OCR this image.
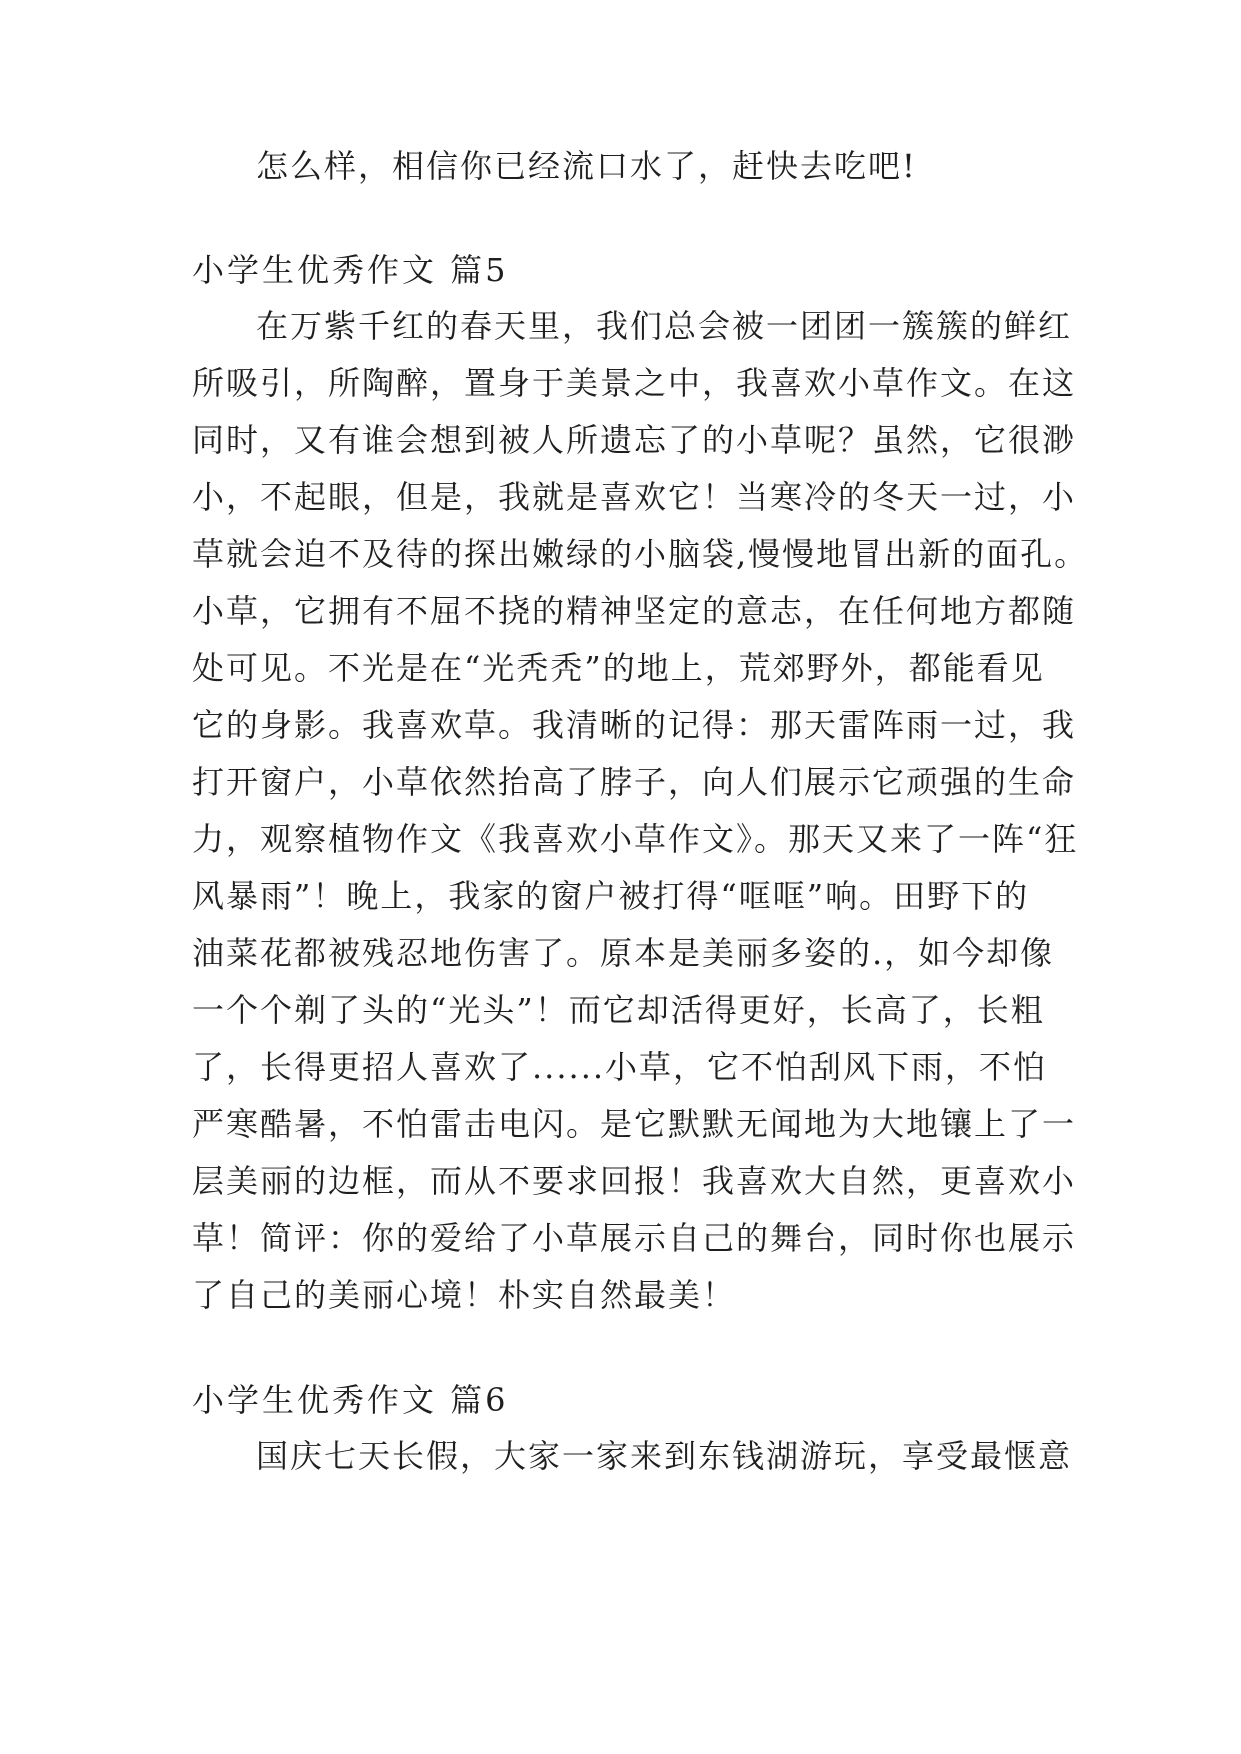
怎么样，相信你已经流口水了，赶快去吃吧!
小学生优秀作文 篇5
在万紫千红的春天里，我们总会被一团团一簇簇的鲜红
所吸引，所陶醉，置身于美景之中，我喜欢小草作文。在这
同时，又有谁会想到被人所遗忘了的小草呢？虽然，它很渺
小，不起眼，但是，我就是喜欢它！当寒冷的冬天一过，小
草就会迫不及待的探出嫩绿的小脑袋,慢慢地冒出新的面孔。
小草，它拥有不屈不挠的精神坚定的意志，在任何地方都随
处可见。不光是在“光秃秃”的地上，荒郊野外，都能看见
它的身影。我喜欢草。我清晰的记得：那天雷阵雨一过，我
打开窗户，小草依然抬高了脖子，向人们展示它顽强的生命
力，观察植物作文《我喜欢小草作文》。那天又来了一阵“狂
风暴雨”！晚上，我家的窗户被打得“哐哐”响。田野下的
油菜花都被残忍地伤害了。原本是美丽多姿的.，如今却像
一个个剃了头的“光头”！而它却活得更好，长高了，长粗
了，长得更招人喜欢了......小草，它不怕刮风下雨，不怕
严寒酷暑，不怕雷击电闪。是它默默无闻地为大地镶上了一
层美丽的边框，而从不要求回报！我喜欢大自然，更喜欢小
草！简评：你的爱给了小草展示自己的舞台，同时你也展示
了自己的美丽心境！朴实自然最美！
小学生优秀作文 篇6
国庆七天长假，大家一家来到东钱湖游玩，享受最惬意
